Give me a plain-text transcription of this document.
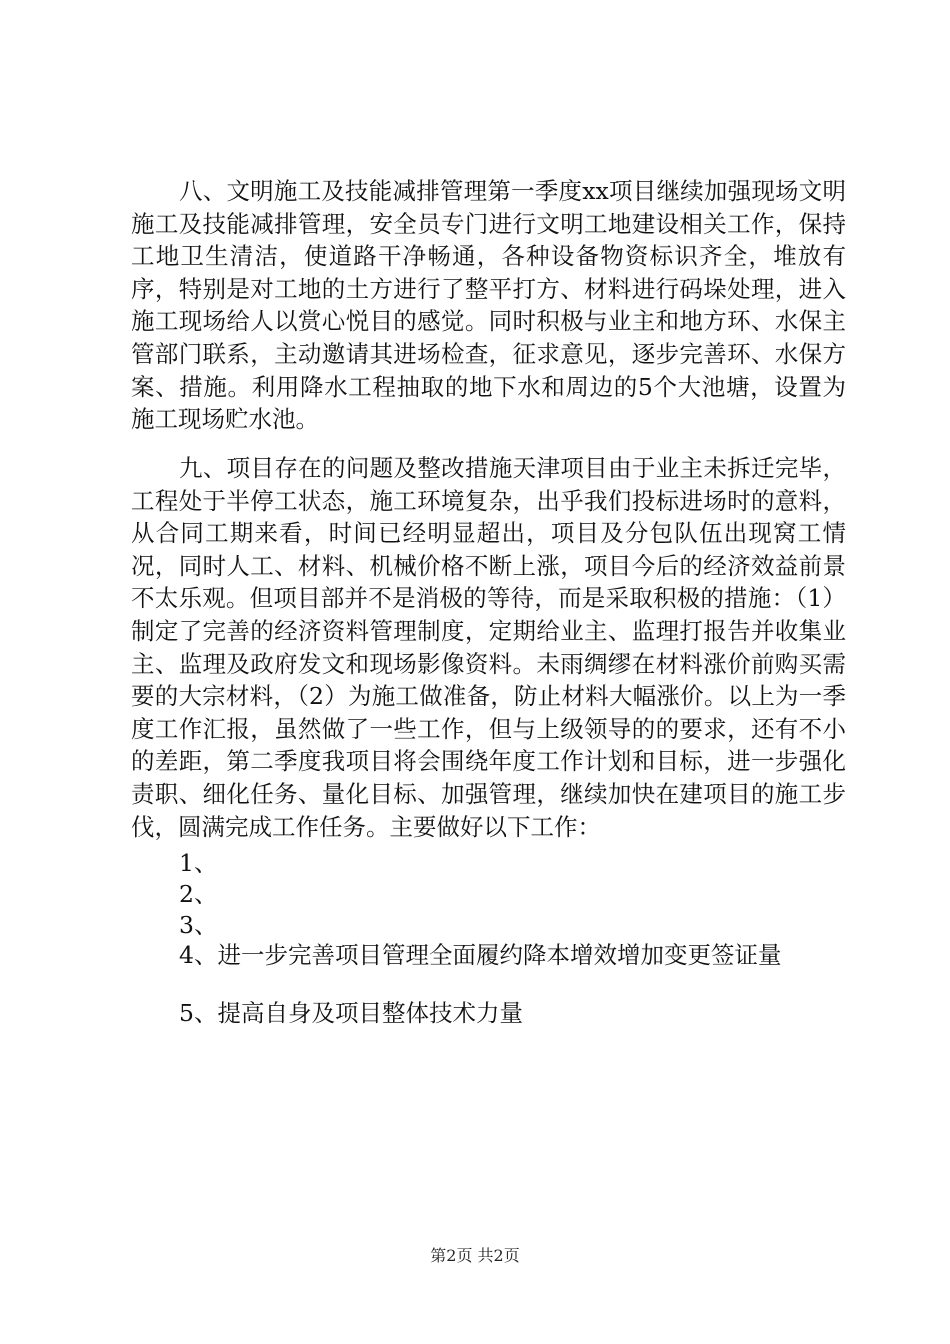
八、文明施工及技能减排管理第一季度xx项目继续加强现场文明施工及技能减排管理，安全员专门进行文明工地建设相关工作，保持工地卫生清洁，使道路干净畅通，各种设备物资标识齐全，堆放有序，特别是对工地的土方进行了整平打方、材料进行码垛处理，进入施工现场给人以赏心悦目的感觉。同时积极与业主和地方环、水保主管部门联系，主动邀请其进场检查，征求意见，逐步完善环、水保方案、措施。利用降水工程抽取的地下水和周边的5个大池塘，设置为施工现场贮水池。

九、项目存在的问题及整改措施天津项目由于业主未拆迁完毕，工程处于半停工状态，施工环境复杂，出乎我们投标进场时的意料，从合同工期来看，时间已经明显超出，项目及分包队伍出现窝工情况，同时人工、材料、机械价格不断上涨，项目今后的经济效益前景不太乐观。但项目部并不是消极的等待，而是采取积极的措施：（1）制定了完善的经济资料管理制度，定期给业主、监理打报告并收集业主、监理及政府发文和现场影像资料。未雨绸缪在材料涨价前购买需要的大宗材料，（2）为施工做准备，防止材料大幅涨价。以上为一季度工作汇报，虽然做了一些工作，但与上级领导的的要求，还有不小的差距，第二季度我项目将会围绕年度工作计划和目标，进一步强化责职、细化任务、量化目标、加强管理，继续加快在建项目的施工步伐，圆满完成工作任务。主要做好以下工作：

1、

2、

3、

4、进一步完善项目管理全面履约降本增效增加变更签证量

5、提高自身及项目整体技术力量

第2页 共2页
